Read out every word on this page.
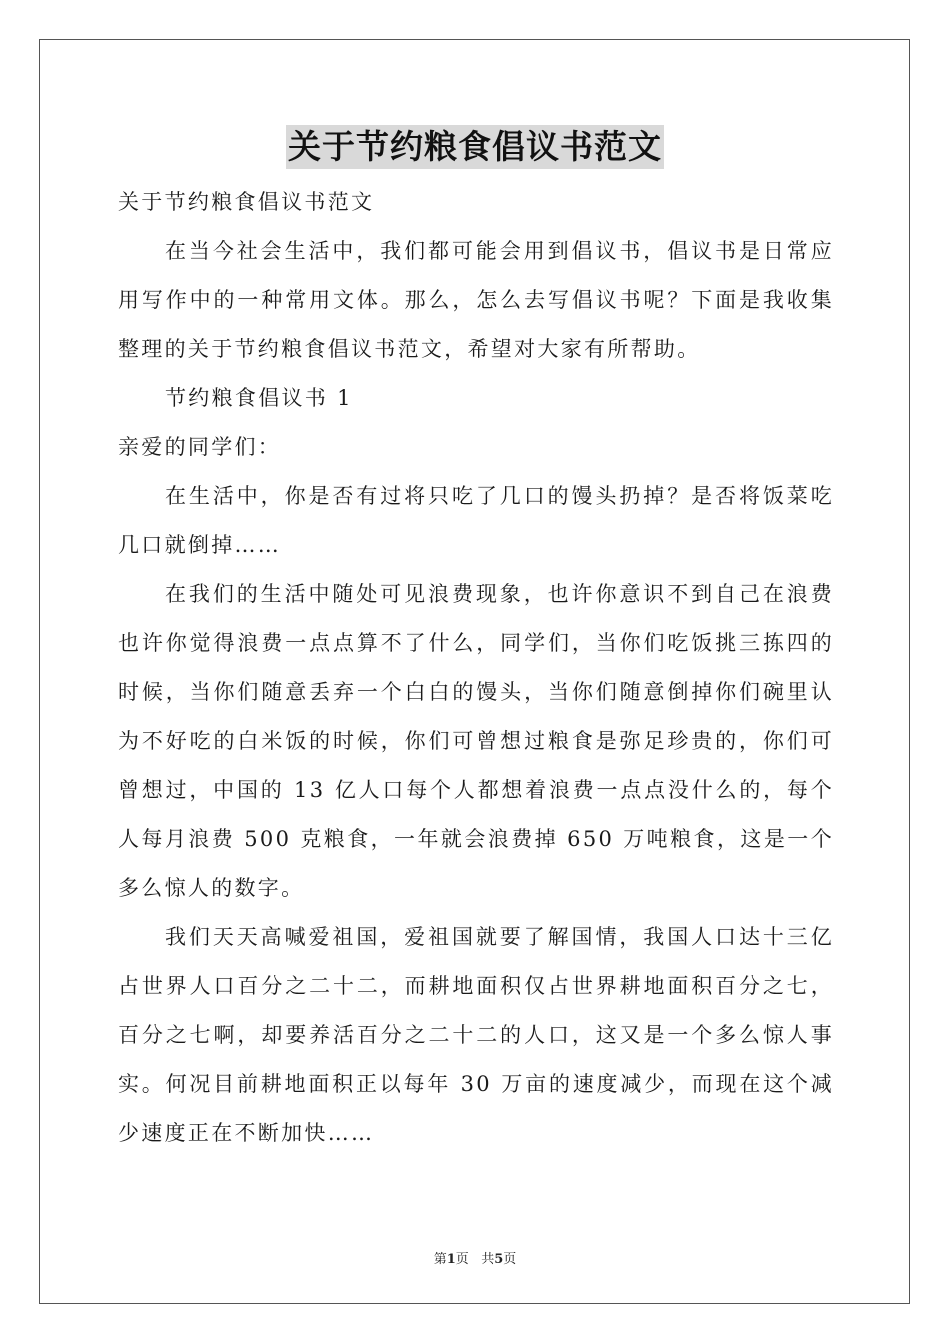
关于节约粮食倡议书范文

关于节约粮食倡议书范文

在当今社会生活中，我们都可能会用到倡议书，倡议书是日常应用写作中的一种常用文体。那么，怎么去写倡议书呢？下面是我收集整理的关于节约粮食倡议书范文，希望对大家有所帮助。

节约粮食倡议书 1

亲爱的同学们：

在生活中，你是否有过将只吃了几口的馒头扔掉？是否将饭菜吃几口就倒掉……

在我们的生活中随处可见浪费现象，也许你意识不到自己在浪费也许你觉得浪费一点点算不了什么，同学们，当你们吃饭挑三拣四的时候，当你们随意丢弃一个白白的馒头，当你们随意倒掉你们碗里认为不好吃的白米饭的时候，你们可曾想过粮食是弥足珍贵的，你们可曾想过，中国的 13 亿人口每个人都想着浪费一点点没什么的，每个人每月浪费 500 克粮食，一年就会浪费掉 650 万吨粮食，这是一个多么惊人的数字。

我们天天高喊爱祖国，爱祖国就要了解国情，我国人口达十三亿占世界人口百分之二十二，而耕地面积仅占世界耕地面积百分之七，百分之七啊，却要养活百分之二十二的人口，这又是一个多么惊人事实。何况目前耕地面积正以每年 30 万亩的速度减少，而现在这个减少速度正在不断加快……

第1页 共5页
